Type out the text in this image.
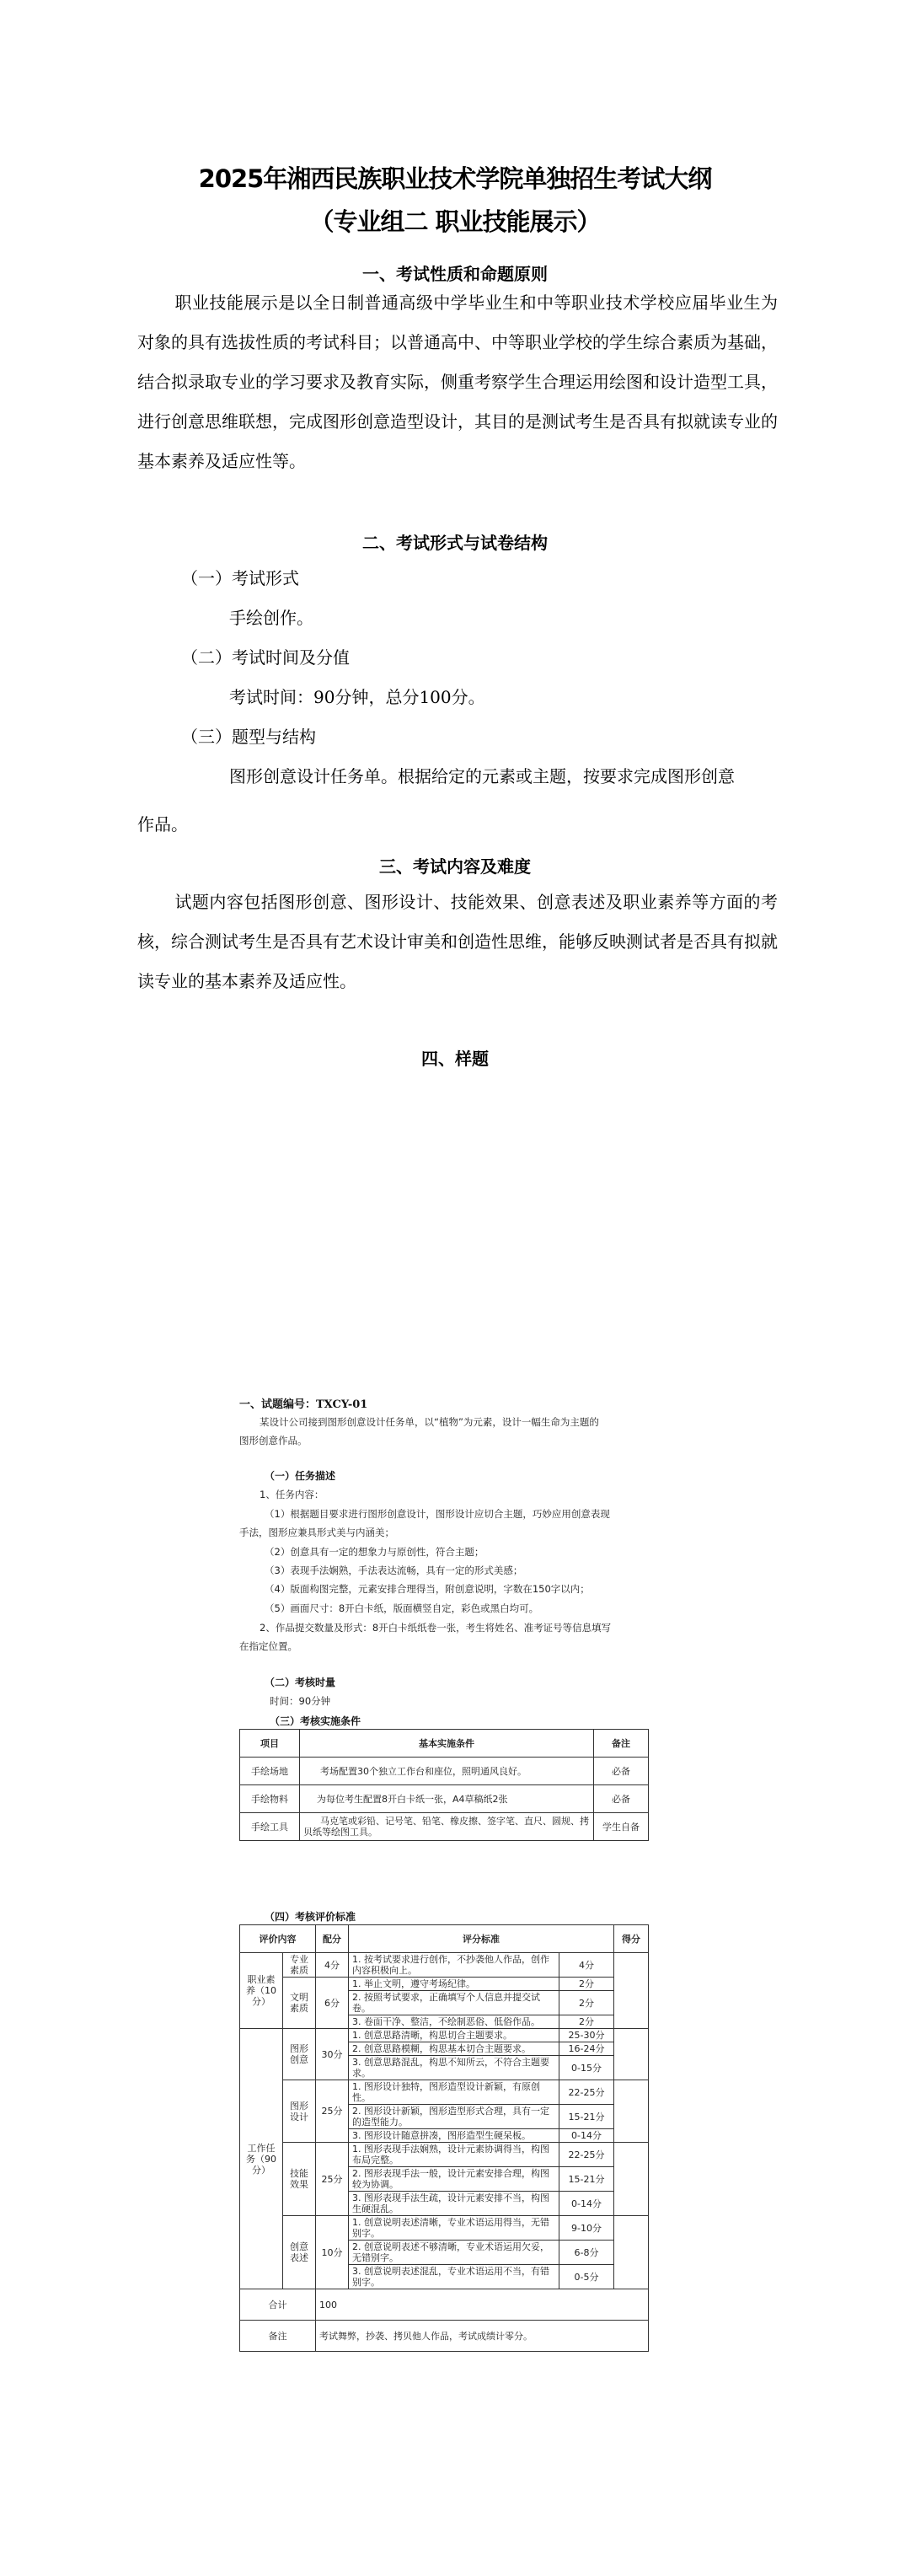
2025年湘西民族职业技术学院单独招生考试大纲
（专业组二 职业技能展示）
一、考试性质和命题原则
职业技能展示是以全日制普通高级中学毕业生和中等职业技术学校应届毕业生为对象的具有选拔性质的考试科目；以普通高中、中等职业学校的学生综合素质为基础，结合拟录取专业的学习要求及教育实际，侧重考察学生合理运用绘图和设计造型工具，进行创意思维联想，完成图形创意造型设计，其目的是测试考生是否具有拟就读专业的基本素养及适应性等。
二、考试形式与试卷结构
（一）考试形式
手绘创作。
（二）考试时间及分值
考试时间：90分钟，总分100分。
（三）题型与结构
图形创意设计任务单。根据给定的元素或主题，按要求完成图形创意
作品。
三、考试内容及难度
试题内容包括图形创意、图形设计、技能效果、创意表述及职业素养等方面的考核，综合测试考生是否具有艺术设计审美和创造性思维，能够反映测试者是否具有拟就读专业的基本素养及适应性。
四、样题
一、试题编号：TXCY-01
某设计公司接到图形创意设计任务单，以“植物”为元素，设计一幅生命为主题的
图形创意作品。
（一）任务描述
1、任务内容：
（1）根据题目要求进行图形创意设计，图形设计应切合主题，巧妙应用创意表现
手法，图形应兼具形式美与内涵美；
（2）创意具有一定的想象力与原创性，符合主题；
（3）表现手法娴熟，手法表达流畅，具有一定的形式美感；
（4）版面构图完整，元素安排合理得当，附创意说明，字数在150字以内；
（5）画面尺寸：8开白卡纸，版面横竖自定，彩色或黑白均可。
2、作品提交数量及形式：8开白卡纸纸卷一张，考生将姓名、准考证号等信息填写
在指定位置。
（二）考核时量
时间：90分钟
（三）考核实施条件
项目	基本实施条件	备注
手绘场地	考场配置30个独立工作台和座位，照明通风良好。	必备
手绘物料	为每位考生配置8开白卡纸一张，A4草稿纸2张	必备
手绘工具	马克笔或彩铅、记号笔、铅笔、橡皮擦、签字笔、直尺、圆规、拷贝纸等绘图工具。	学生自备
（四）考核评价标准
评价内容		配分	评分标准		得分
职业素养（10分）	专业素质	4分	1. 按考试要求进行创作，不抄袭他人作品，创作内容积极向上。	4分	
	文明素质	6分	1. 举止文明，遵守考场纪律。	2分	
			2. 按照考试要求，正确填写个人信息并提交试卷。	2分	
			3. 卷面干净、整洁，不绘制恶俗、低俗作品。	2分	
工作任务（90分）	图形创意	30分	1. 创意思路清晰，构思切合主题要求。	25-30分	
			2. 创意思路模糊，构思基本切合主题要求。	16-24分	
			3. 创意思路混乱，构思不知所云，不符合主题要求。	0-15分	
	图形设计	25分	1. 图形设计独特，图形造型设计新颖，有原创性。	22-25分	
			2. 图形设计新颖，图形造型形式合理，具有一定的造型能力。	15-21分	
			3. 图形设计随意拼凑，图形造型生硬呆板。	0-14分	
	技能效果	25分	1. 图形表现手法娴熟，设计元素协调得当，构图布局完整。	22-25分	
			2. 图形表现手法一般，设计元素安排合理，构图较为协调。	15-21分	
			3. 图形表现手法生疏，设计元素安排不当，构图生硬混乱。	0-14分	
	创意表述	10分	1. 创意说明表述清晰，专业术语运用得当，无错别字。	9-10分	
			2. 创意说明表述不够清晰，专业术语运用欠妥，无错别字。	6-8分	
			3. 创意说明表述混乱，专业术语运用不当，有错别字。	0-5分	
合计		100			
备注		考试舞弊，抄袭、拷贝他人作品，考试成绩计零分。			
